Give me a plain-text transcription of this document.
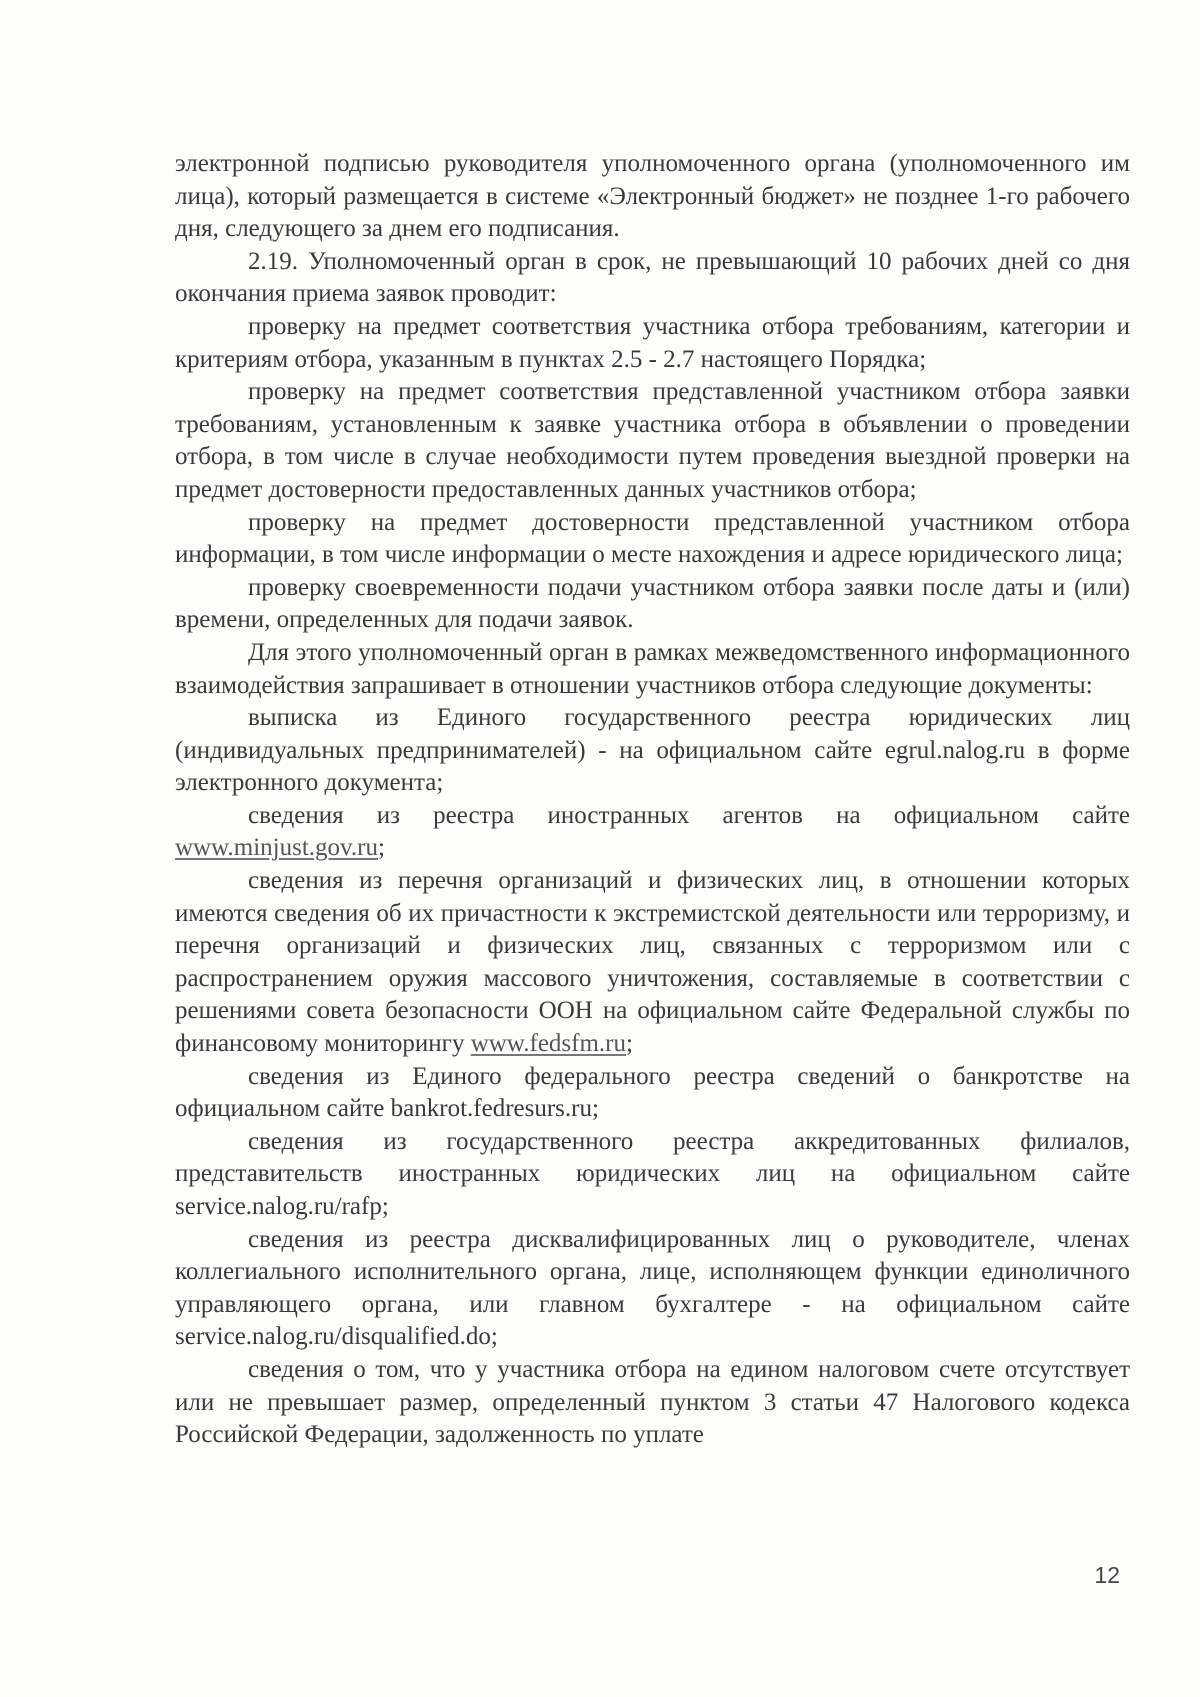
электронной подписью руководителя уполномоченного органа (уполномоченного им лица), который размещается в системе «Электронный бюджет» не позднее 1-го рабочего дня, следующего за днем его подписания.

2.19. Уполномоченный орган в срок, не превышающий 10 рабочих дней со дня окончания приема заявок проводит:

проверку на предмет соответствия участника отбора требованиям, категории и критериям отбора, указанным в пунктах 2.5 - 2.7 настоящего Порядка;

проверку на предмет соответствия представленной участником отбора заявки требованиям, установленным к заявке участника отбора в объявлении о проведении отбора, в том числе в случае необходимости путем проведения выездной проверки на предмет достоверности предоставленных данных участников отбора;

проверку на предмет достоверности представленной участником отбора информации, в том числе информации о месте нахождения и адресе юридического лица;

проверку своевременности подачи участником отбора заявки после даты и (или) времени, определенных для подачи заявок.

Для этого уполномоченный орган в рамках межведомственного информационного взаимодействия запрашивает в отношении участников отбора следующие документы:

выписка из Единого государственного реестра юридических лиц (индивидуальных предпринимателей) - на официальном сайте egrul.nalog.ru в форме электронного документа;

сведения из реестра иностранных агентов на официальном сайте www.minjust.gov.ru;

сведения из перечня организаций и физических лиц, в отношении которых имеются сведения об их причастности к экстремистской деятельности или терроризму, и перечня организаций и физических лиц, связанных с терроризмом или с распространением оружия массового уничтожения, составляемые в соответствии с решениями совета безопасности ООН на официальном сайте Федеральной службы по финансовому мониторингу www.fedsfm.ru;

сведения из Единого федерального реестра сведений о банкротстве на официальном сайте bankrot.fedresurs.ru;

сведения из государственного реестра аккредитованных филиалов, представительств иностранных юридических лиц на официальном сайте service.nalog.ru/rafp;

сведения из реестра дисквалифицированных лиц о руководителе, членах коллегиального исполнительного органа, лице, исполняющем функции единоличного управляющего органа, или главном бухгалтере - на официальном сайте service.nalog.ru/disqualified.do;

сведения о том, что у участника отбора на едином налоговом счете отсутствует или не превышает размер, определенный пунктом 3 статьи 47 Налогового кодекса Российской Федерации, задолженность по уплате

12
